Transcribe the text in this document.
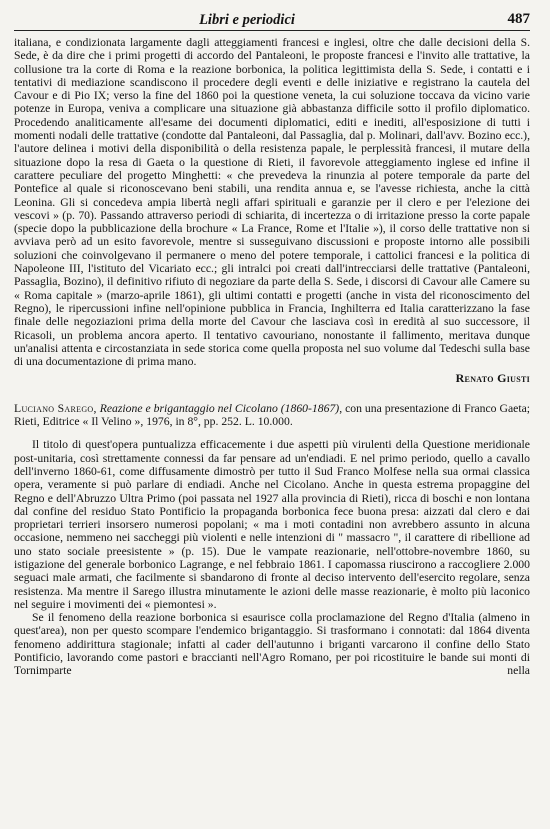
Libri e periodici	487

italiana, e condizionata largamente dagli atteggiamenti francesi e inglesi, oltre che dalle decisioni della S. Sede, è da dire che i primi progetti di accordo del Pantaleoni, le proposte francesi e l'invito alle trattative, la collusione tra la corte di Roma e la reazione borbonica, la politica legittimista della S. Sede, i contatti e i tentativi di mediazione scandiscono il procedere degli eventi e delle iniziative e registrano la cautela del Cavour e di Pio IX; verso la fine del 1860 poi la questione veneta, la cui soluzione toccava da vicino varie potenze in Europa, veniva a complicare una situazione già abbastanza difficile sotto il profilo diplomatico. Procedendo analiticamente all'esame dei documenti diplomatici, editi e inediti, all'esposizione di tutti i momenti nodali delle trattative (condotte dal Pantaleoni, dal Passaglia, dal p. Molinari, dall'avv. Bozino ecc.), l'autore delinea i motivi della disponibilità o della resistenza papale, le perplessità francesi, il mutare della situazione dopo la resa di Gaeta o la questione di Rieti, il favorevole atteggiamento inglese ed infine il carattere peculiare del progetto Minghetti: « che prevedeva la rinunzia al potere temporale da parte del Pontefice al quale si riconoscevano beni stabili, una rendita annua e, se l'avesse richiesta, anche la città Leonina. Gli si concedeva ampia libertà negli affari spirituali e garanzie per il clero e per l'elezione dei vescovi » (p. 70). Passando attraverso periodi di schiarita, di incertezza o di irritazione presso la corte papale (specie dopo la pubblicazione della brochure « La France, Rome et l'Italie »), il corso delle trattative non si avviava però ad un esito favorevole, mentre si susseguivano discussioni e proposte intorno alle possibili soluzioni che coinvolgevano il permanere o meno del potere temporale, i cattolici francesi e la politica di Napoleone III, l'istituto del Vicariato ecc.; gli intralci poi creati dall'intrecciarsi delle trattative (Pantaleoni, Passaglia, Bozino), il definitivo rifiuto di negoziare da parte della S. Sede, i discorsi di Cavour alle Camere su « Roma capitale » (marzo-aprile 1861), gli ultimi contatti e progetti (anche in vista del riconoscimento del Regno), le ripercussioni infine nell'opinione pubblica in Francia, Inghilterra ed Italia caratterizzano la fase finale delle negoziazioni prima della morte del Cavour che lasciava così in eredità al suo successore, il Ricasoli, un problema ancora aperto. Il tentativo cavouriano, nonostante il fallimento, meritava dunque un'analisi attenta e circostanziata in sede storica come quella proposta nel suo volume dal Tedeschi sulla base di una documentazione di prima mano.

Renato Giusti

Luciano Sarego, Reazione e brigantaggio nel Cicolano (1860-1867), con una presentazione di Franco Gaeta; Rieti, Editrice « Il Velino », 1976, in 8°, pp. 252. L. 10.000.

Il titolo di quest'opera puntualizza efficacemente i due aspetti più virulenti della Questione meridionale post-unitaria, così strettamente connessi da far pensare ad un'endiadi. E nel primo periodo, quello a cavallo dell'inverno 1860-61, come diffusamente dimostrò per tutto il Sud Franco Molfese nella sua ormai classica opera, veramente si può parlare di endiadi. Anche nel Cicolano. Anche in questa estrema propaggine del Regno e dell'Abruzzo Ultra Primo (poi passata nel 1927 alla provincia di Rieti), ricca di boschi e non lontana dal confine del residuo Stato Pontificio la propaganda borbonica fece buona presa: aizzati dal clero e dai proprietari terrieri insorsero numerosi popolani; « ma i moti contadini non avrebbero assunto in alcuna occasione, nemmeno nei saccheggi più violenti e nelle intenzioni di " massacro ", il carattere di ribellione ad uno stato sociale preesistente » (p. 15). Due le vampate reazionarie, nell'ottobre-novembre 1860, su istigazione del generale borbonico Lagrange, e nel febbraio 1861. I capomassa riuscirono a raccogliere 2.000 seguaci male armati, che facilmente si sbandarono di fronte al deciso intervento dell'esercito regolare, senza resistenza. Ma mentre il Sarego illustra minutamente le azioni delle masse reazionarie, è molto più laconico nel seguire i movimenti dei « piemontesi ».

Se il fenomeno della reazione borbonica si esaurisce colla proclamazione del Regno d'Italia (almeno in quest'area), non per questo scompare l'endemico brigantaggio. Si trasformano i connotati: dal 1864 diventa fenomeno addirittura stagionale; infatti al cader dell'autunno i briganti varcarono il confine dello Stato Pontificio, lavorando come pastori e braccianti nell'Agro Romano, per poi ricostituire le bande sui monti di Tornimparte nella
